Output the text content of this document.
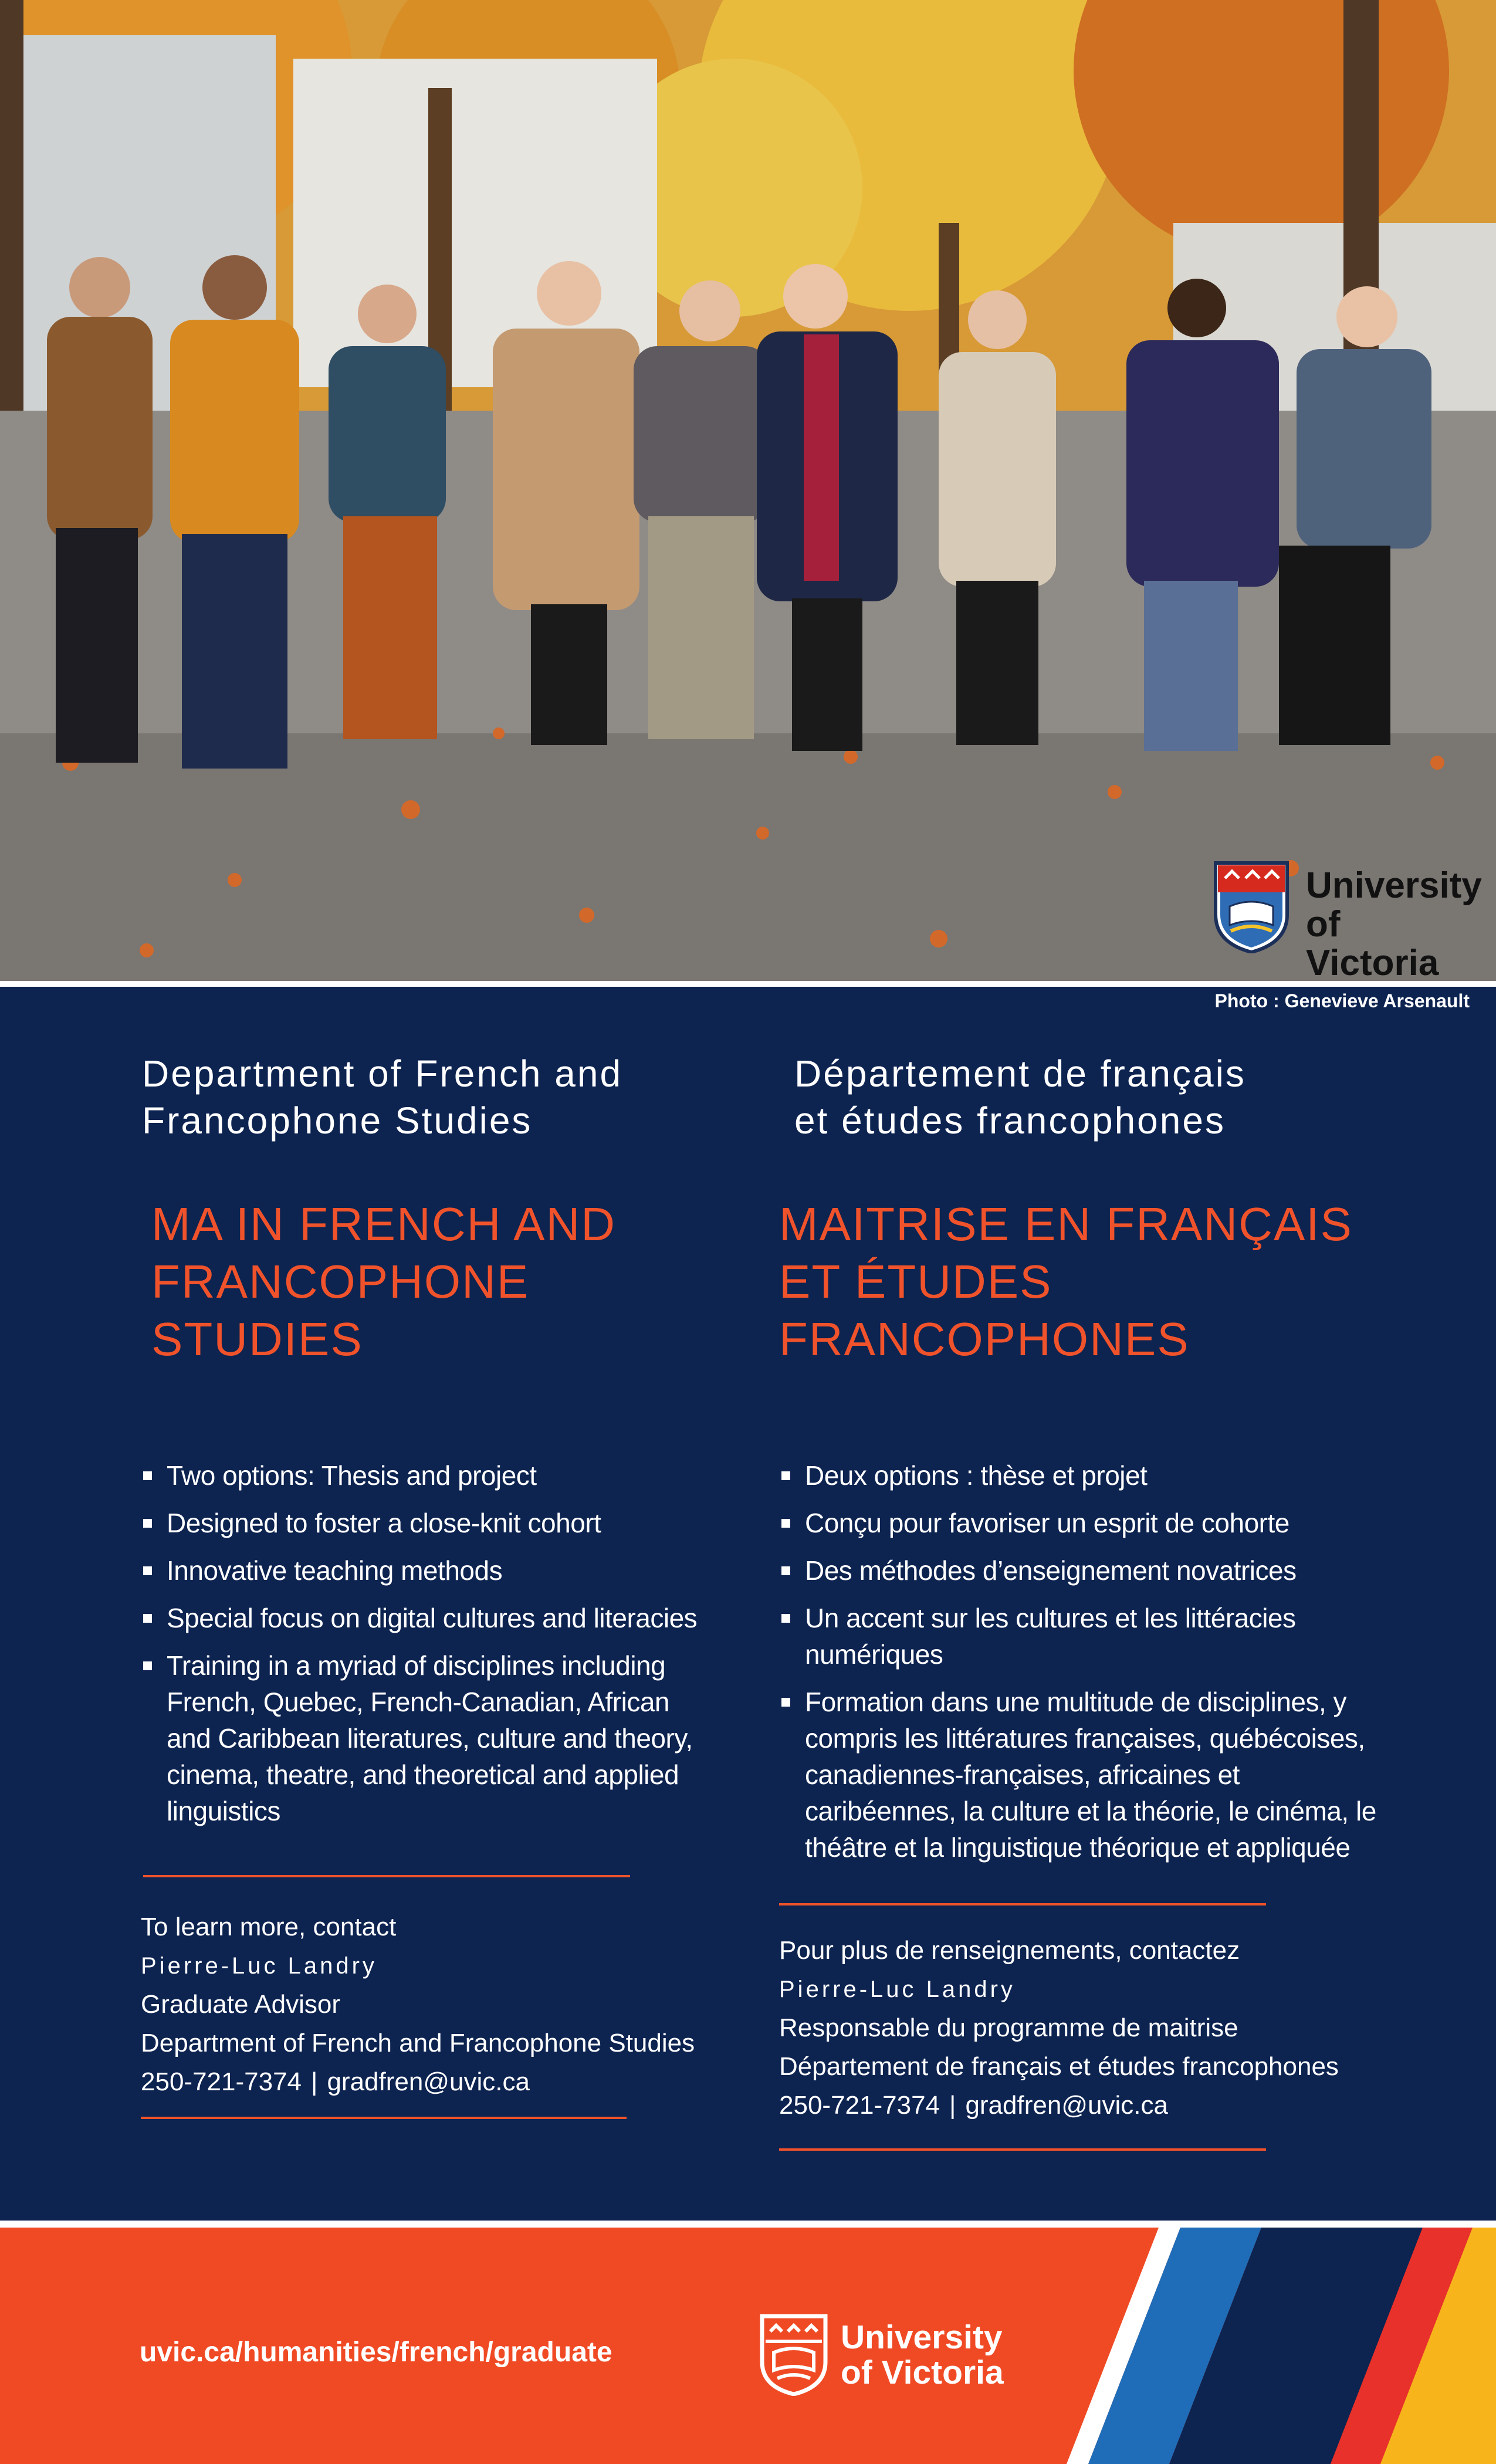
University
of Victoria
Photo : Genevieve Arsenault
Department of French and
Francophone Studies
MA IN FRENCH AND
FRANCOPHONE STUDIES
Two options: Thesis and project
Designed to foster a close-knit cohort
Innovative teaching methods
Special focus on digital cultures and literacies
Training in a myriad of disciplines including French, Quebec, French-Canadian, African and Caribbean literatures, culture and theory, cinema, theatre, and theoretical and applied linguistics
To learn more, contact
Pierre-Luc Landry
Graduate Advisor
Department of French and Francophone Studies
250-721-7374 | gradfren@uvic.ca
Département de français
et études francophones
MAITRISE EN FRANÇAIS
ET ÉTUDES FRANCOPHONES
Deux options : thèse et projet
Conçu pour favoriser un esprit de cohorte
Des méthodes d’enseignement novatrices
Un accent sur les cultures et les littéracies numériques
Formation dans une multitude de disciplines, y compris les littératures françaises, québécoises, canadiennes-françaises, africaines et caribéennes, la culture et la théorie, le cinéma, le théâtre et la linguistique théorique et appliquée
Pour plus de renseignements, contactez
Pierre-Luc Landry
Responsable du programme de maitrise
Département de français et études francophones
250-721-7374 | gradfren@uvic.ca
uvic.ca/humanities/french/graduate	University
of Victoria
